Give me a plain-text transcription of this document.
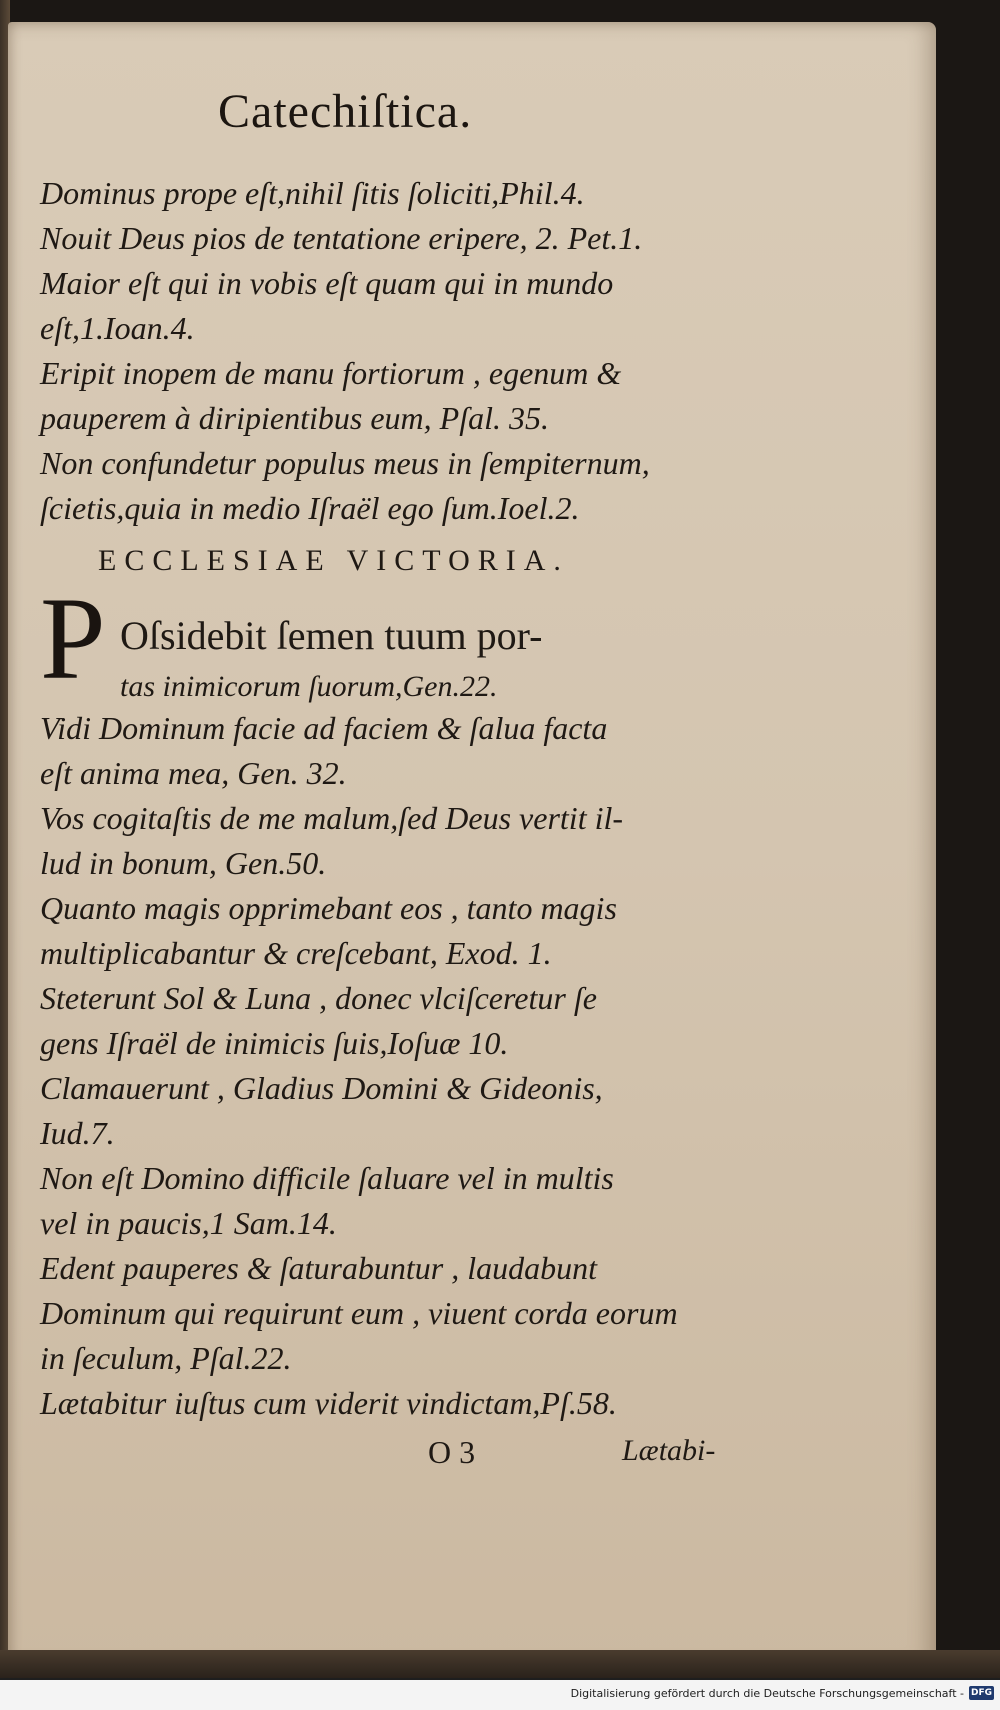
Catechiſtica.
Dominus prope eſt,nihil ſitis ſoliciti,Phil.4.
Nouit Deus pios de tentatione eripere, 2. Pet.1.
Maior eſt qui in vobis eſt quam qui in mundo
eſt,1.Ioan.4.
Eripit inopem de manu fortiorum , egenum &
pauperem à diripientibus eum, Pſal. 35.
Non confundetur populus meus in ſempiternum,
ſcietis,quia in medio Iſraël ego ſum.Ioel.2.
ECCLESIAE VICTORIA.
P Oſsidebit ſemen tuum por-
tas inimicorum ſuorum,Gen.22.
Vidi Dominum facie ad faciem & ſalua facta
eſt anima mea, Gen. 32.
Vos cogitaſtis de me malum,ſed Deus vertit il-
lud in bonum, Gen.50.
Quanto magis opprimebant eos , tanto magis
multiplicabantur & creſcebant, Exod. 1.
Steterunt Sol & Luna , donec vlciſceretur ſe
gens Iſraël de inimicis ſuis,Ioſuæ 10.
Clamauerunt , Gladius Domini & Gideonis,
Iud.7.
Non eſt Domino difficile ſaluare vel in multis
vel in paucis,1 Sam.14.
Edent pauperes & ſaturabuntur , laudabunt
Dominum qui requirunt eum , viuent corda eorum
in ſeculum, Pſal.22.
Lætabitur iuſtus cum viderit vindictam,Pſ.58.
O 3	Lætabi-
Digitalisierung gefördert durch die Deutsche Forschungsgemeinschaft - DFG
